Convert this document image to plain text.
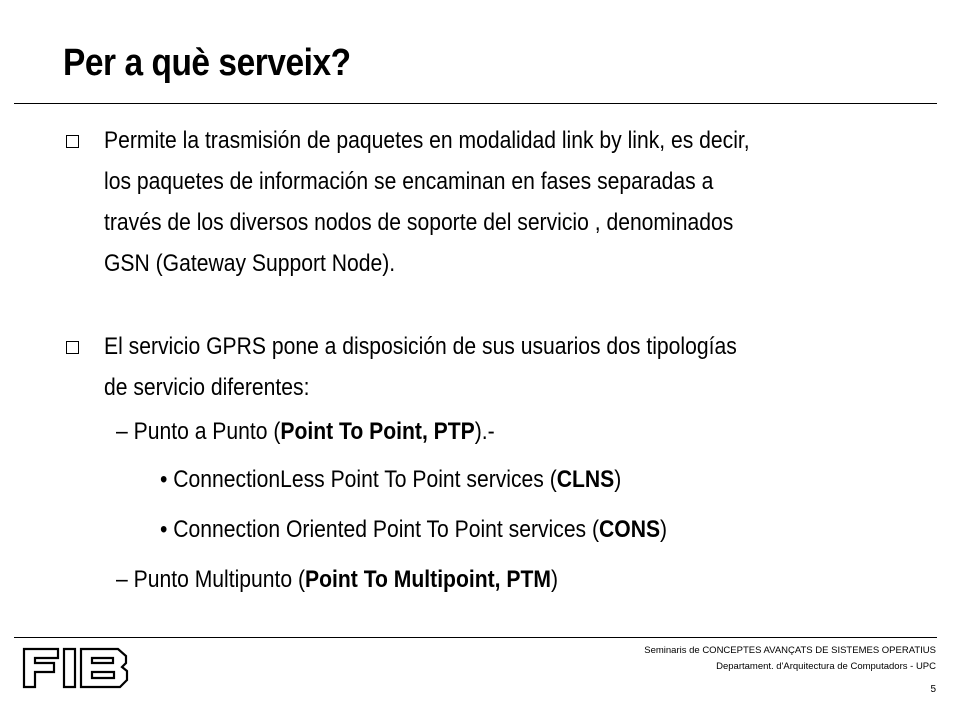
Per a què serveix?

Permite la trasmisión de paquetes en modalidad link by link, es decir,
los paquetes de información se encaminan en fases separadas a
través de los diversos nodos de soporte del servicio , denominados
GSN (Gateway Support Node).

El servicio GPRS pone a disposición de sus usuarios dos tipologías
de servicio diferentes:

– Punto a Punto (Point To Point, PTP).-

• ConnectionLess Point To Point services (CLNS)

• Connection Oriented Point To Point services (CONS)

– Punto Multipunto (Point To Multipoint, PTM)

Seminaris de CONCEPTES AVANÇATS DE SISTEMES OPERATIUS
Departament. d'Arquitectura de Computadors - UPC
5
